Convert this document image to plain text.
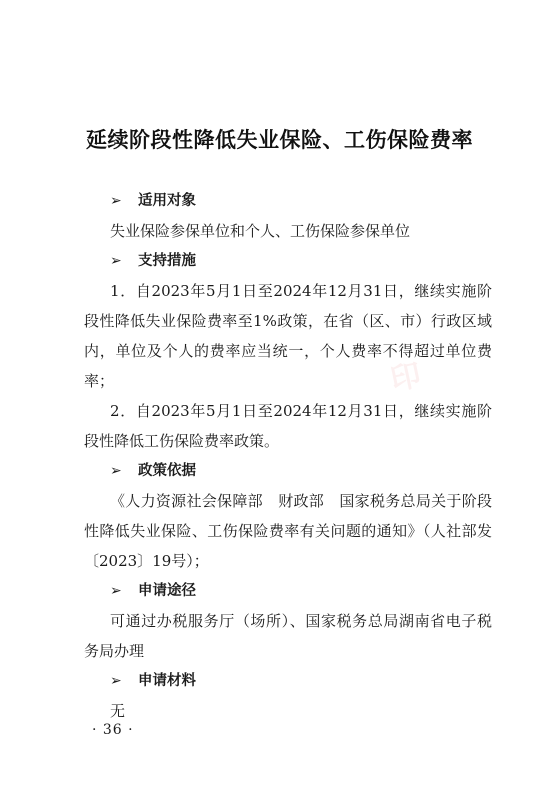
延续阶段性降低失业保险、工伤保险费率
➢	适用对象

失业保险参保单位和个人、工伤保险参保单位

➢	支持措施

1．自2023年5月1日至2024年12月31日，继续实施阶段性降低失业保险费率至1%政策，在省（区、市）行政区域内，单位及个人的费率应当统一，个人费率不得超过单位费率；

2．自2023年5月1日至2024年12月31日，继续实施阶段性降低工伤保险费率政策。

➢	政策依据

《人力资源社会保障部　财政部　国家税务总局关于阶段性降低失业保险、工伤保险费率有关问题的通知》（人社部发〔2023〕19号）；

➢	申请途径

可通过办税服务厅（场所）、国家税务总局湖南省电子税务局办理

➢	申请材料

无

印
· 36 ·
